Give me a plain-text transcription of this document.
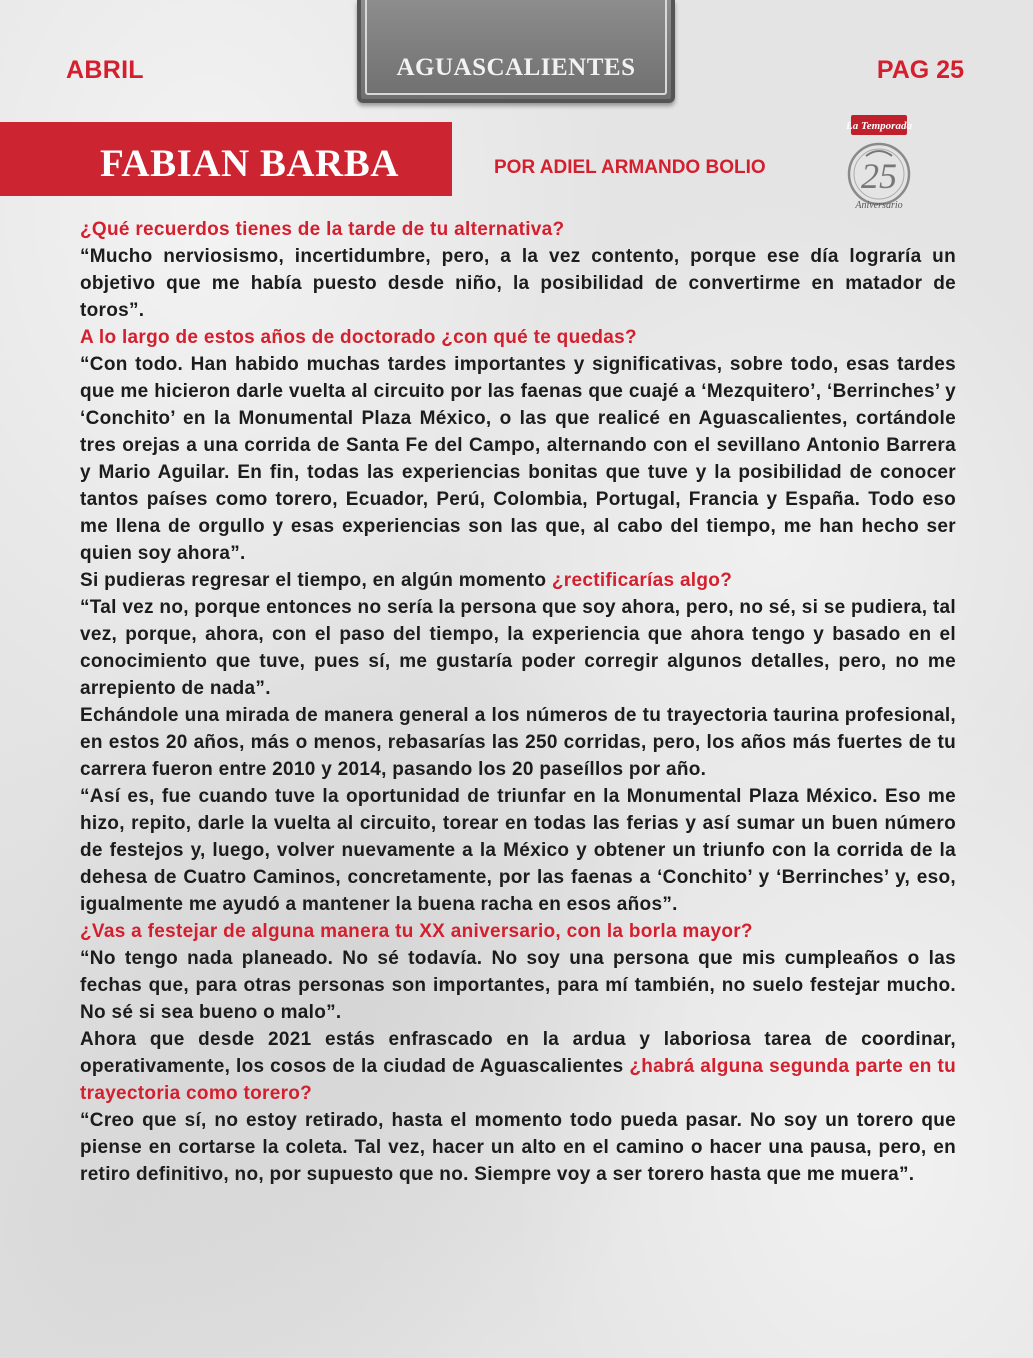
ABRIL	AGUASCALIENTES	PAG 25
FABIAN BARBA	POR ADIEL ARMANDO BOLIO
La Temporada
25
Aniversario

¿Qué recuerdos tienes de la tarde de tu alternativa?

“Mucho nerviosismo, incertidumbre, pero, a la vez contento, porque ese día lograría un objetivo que me había puesto desde niño, la posibilidad de convertirme en matador de toros”.

A lo largo de estos años de doctorado ¿con qué te quedas?

“Con todo. Han habido muchas tardes importantes y significativas, sobre todo, esas tardes que me hicieron darle vuelta al circuito por las faenas que cuajé a ‘Mezquitero’, ‘Berrinches’ y ‘Conchito’ en la Monumental Plaza México, o las que realicé en Aguascalientes, cortándole tres orejas a una corrida de Santa Fe del Campo, alternando con el sevillano Antonio Barrera y Mario Aguilar. En fin, todas las experiencias bonitas que tuve y la posibilidad de conocer tantos países como torero, Ecuador, Perú, Colombia, Portugal, Francia y España. Todo eso me llena de orgullo y esas experiencias son las que, al cabo del tiempo, me han hecho ser quien soy ahora”.

Si pudieras regresar el tiempo, en algún momento ¿rectificarías algo?

“Tal vez no, porque entonces no sería la persona que soy ahora, pero, no sé, si se pudiera, tal vez, porque, ahora, con el paso del tiempo, la experiencia que ahora tengo y basado en el conocimiento que tuve, pues sí, me gustaría poder corregir algunos detalles, pero, no me arrepiento de nada”.

Echándole una mirada de manera general a los números de tu trayectoria taurina profesional, en estos 20 años, más o menos, rebasarías las 250 corridas, pero, los años más fuertes de tu carrera fueron entre 2010 y 2014, pasando los 20 paseíllos por año.

“Así es, fue cuando tuve la oportunidad de triunfar en la Monumental Plaza México. Eso me hizo, repito, darle la vuelta al circuito, torear en todas las ferias y así sumar un buen número de festejos y, luego, volver nuevamente a la México y obtener un triunfo con la corrida de la dehesa de Cuatro Caminos, concretamente, por las faenas a ‘Conchito’ y ‘Berrinches’ y, eso, igualmente me ayudó a mantener la buena racha en esos años”.

¿Vas a festejar de alguna manera tu XX aniversario, con la borla mayor?

“No tengo nada planeado. No sé todavía. No soy una persona que mis cumpleaños o las fechas que, para otras personas son importantes, para mí también, no suelo festejar mucho. No sé si sea bueno o malo”.

Ahora que desde 2021 estás enfrascado en la ardua y laboriosa tarea de coordinar, operativamente, los cosos de la ciudad de Aguascalientes ¿habrá alguna segunda parte en tu trayectoria como torero?

“Creo que sí, no estoy retirado, hasta el momento todo pueda pasar. No soy un torero que piense en cortarse la coleta. Tal vez, hacer un alto en el camino o hacer una pausa, pero, en retiro definitivo, no, por supuesto que no. Siempre voy a ser torero hasta que me muera”.
